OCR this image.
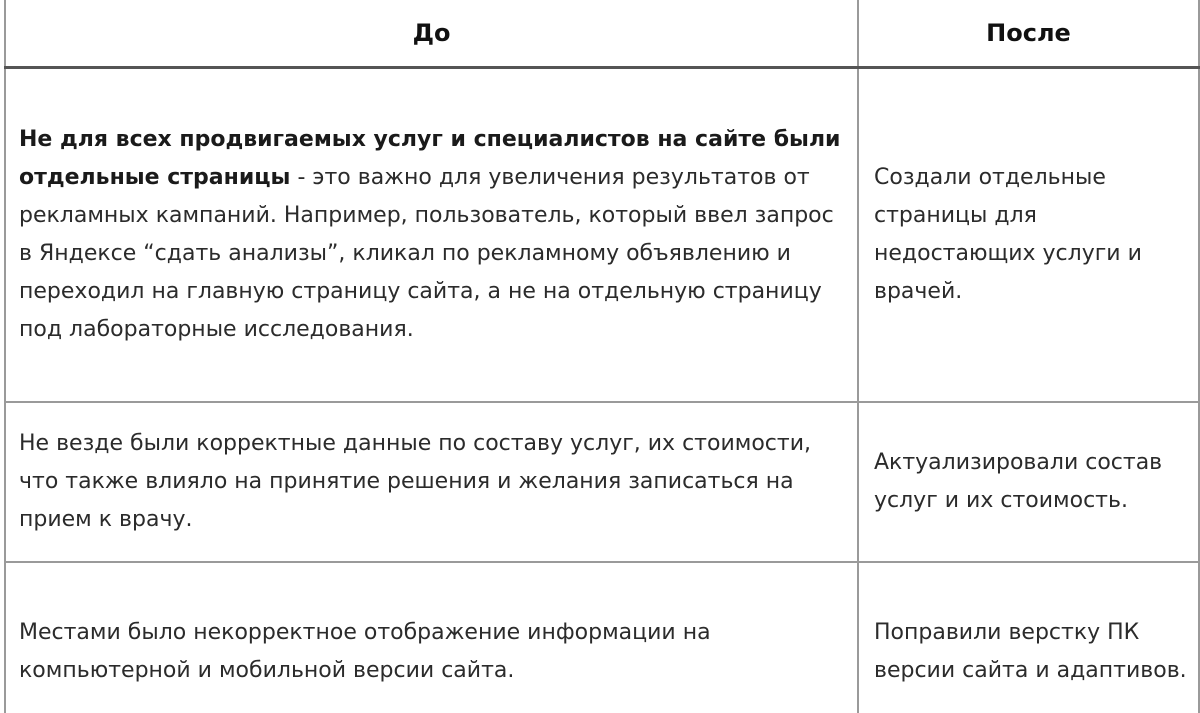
До	После
Не для всех продвигаемых услуг и специалистов на сайте были отдельные страницы - это важно для увеличения результатов от рекламных кампаний. Например, пользователь, который ввел запрос в Яндексе “сдать анализы”, кликал по рекламному объявлению и переходил на главную страницу сайта, а не на отдельную страницу под лабораторные исследования.	Создали отдельные страницы для недостающих услуги и врачей.
Не везде были корректные данные по составу услуг, их стоимости, что также влияло на принятие решения и желания записаться на прием к врачу.	Актуализировали состав услуг и их стоимость.
Местами было некорректное отображение информации на компьютерной и мобильной версии сайта.	Поправили верстку ПК версии сайта и адаптивов.
